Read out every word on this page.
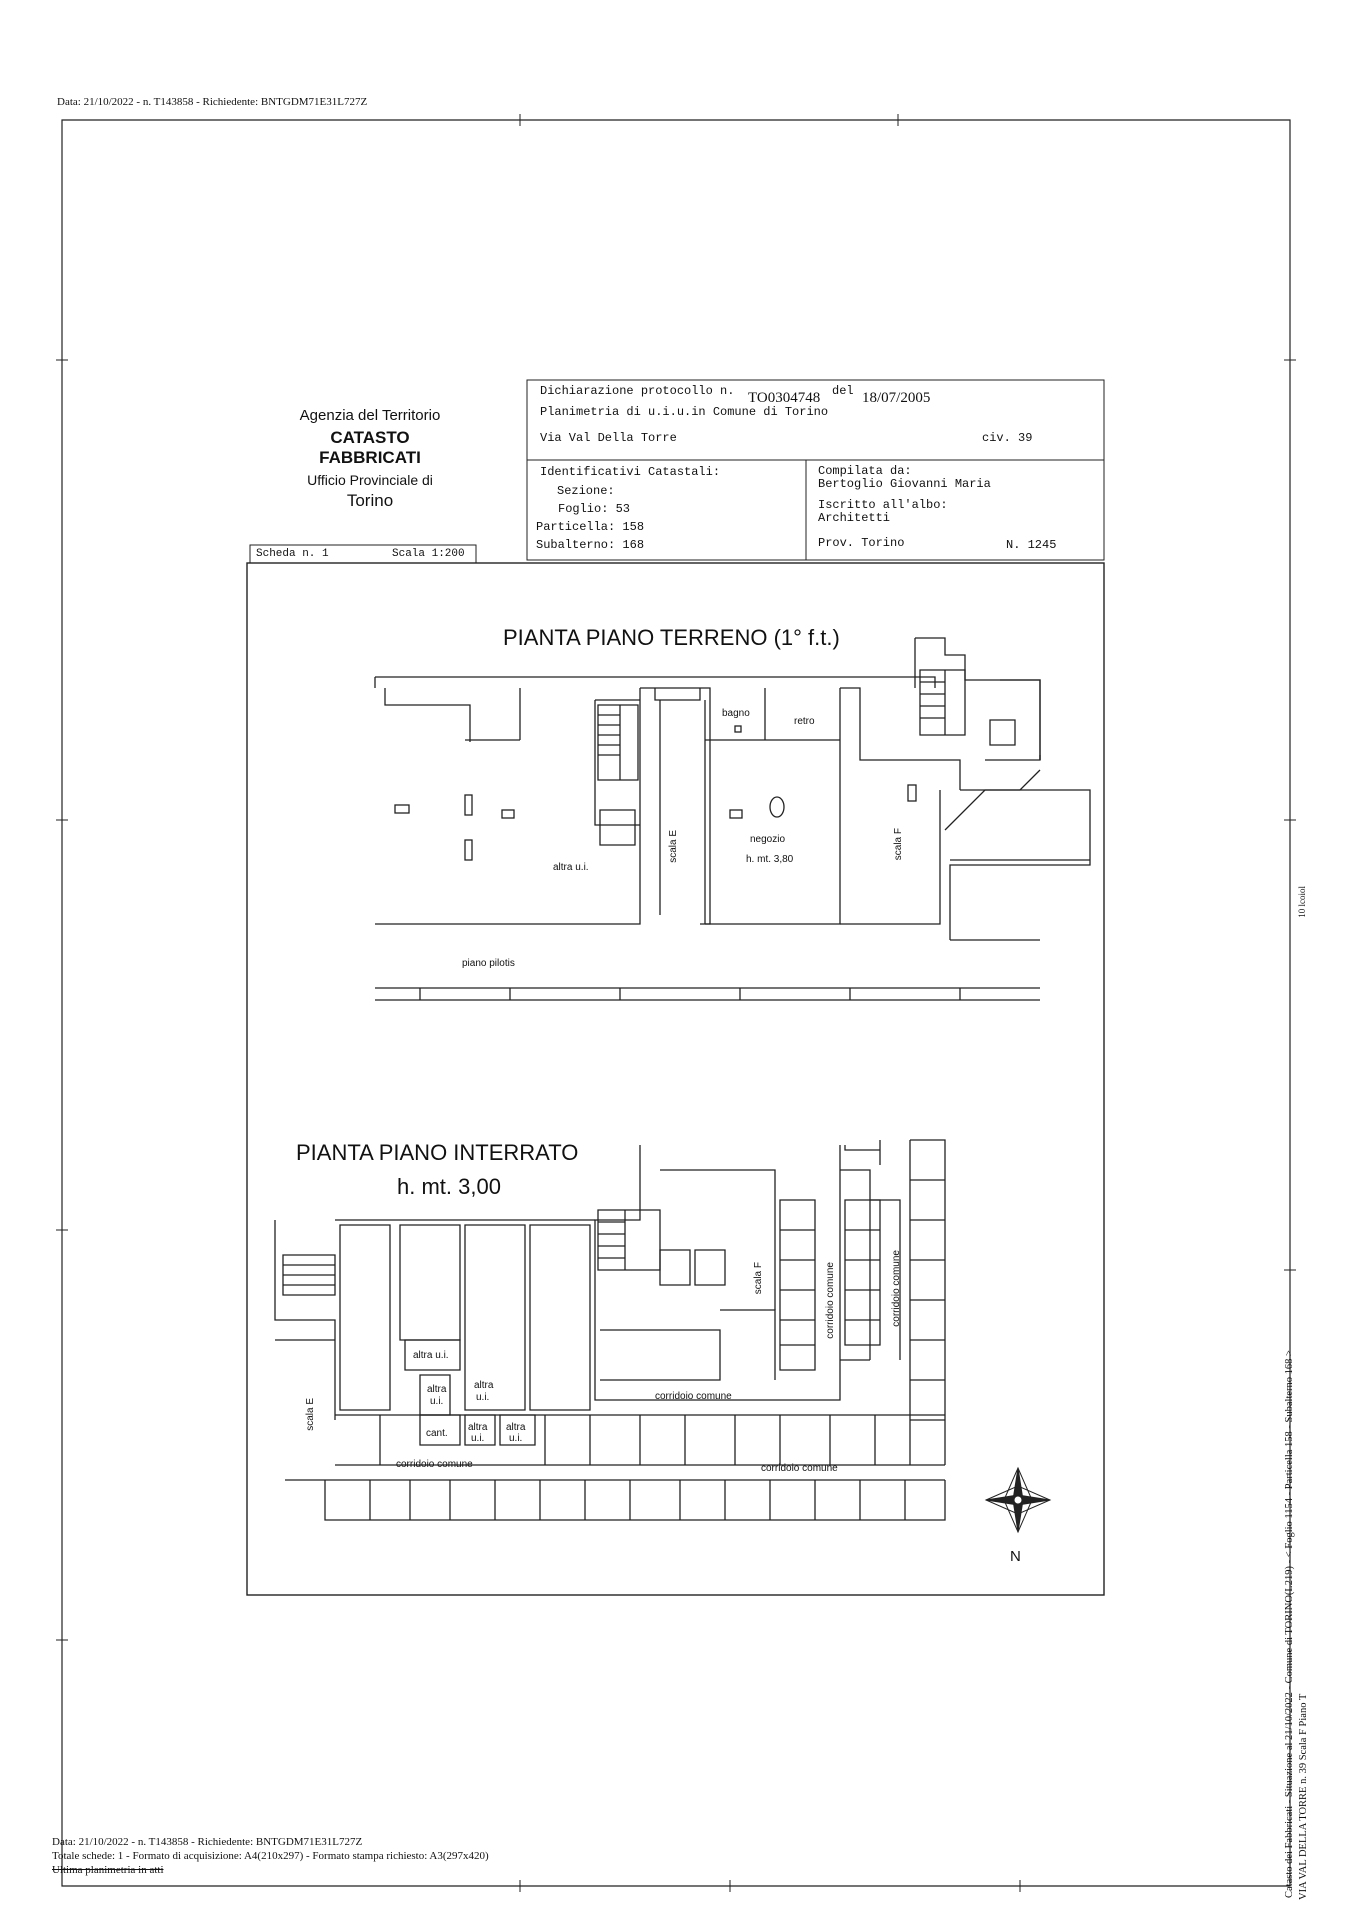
Data: 21/10/2022 - n. T143858 - Richiedente: BNTGDM71E31L727Z
Agenzia del Territorio
CATASTO FABBRICATI
Ufficio Provinciale di
Torino
Dichiarazione protocollo n. TO0304748 del 18/07/2005
Planimetria di u.i.u.in Comune di Torino
Via Val Della Torre	civ. 39
Identificativi Catastali:
Sezione:
Foglio: 53
Particella: 158
Subalterno: 168
Compilata da:
Bertoglio Giovanni Maria
Iscritto all'albo:
Architetti
Prov. Torino	N. 1245
Scheda n. 1	Scala 1:200
PIANTA PIANO TERRENO (1° f.t.)
bagno
retro
negozio
h. mt. 3,80
altra u.i.
scala E	scala F
piano pilotis
PIANTA PIANO INTERRATO
h. mt. 3,00
altra u.i.
altra
u.i.
altra
u.i.
cant.
altra
u.i.
altra
u.i.
corridoio comune
corridoio comune	corridoio comune
corridoio comune	corridoio comune
scala E
scala F
N
10 lcoiol
Catasto dei Fabbricati - Situazione al 21/10/2022 - Comune di TORINO(L219) - < Foglio 1154 - Particella 158 - Subalterno 168 > VIA VAL DELLA TORRE n. 39 Scala F Piano T
Data: 21/10/2022 - n. T143858 - Richiedente: BNTGDM71E31L727Z
Totale schede: 1 - Formato di acquisizione: A4(210x297) - Formato stampa richiesto: A3(297x420)
Ultima planimetria in atti
